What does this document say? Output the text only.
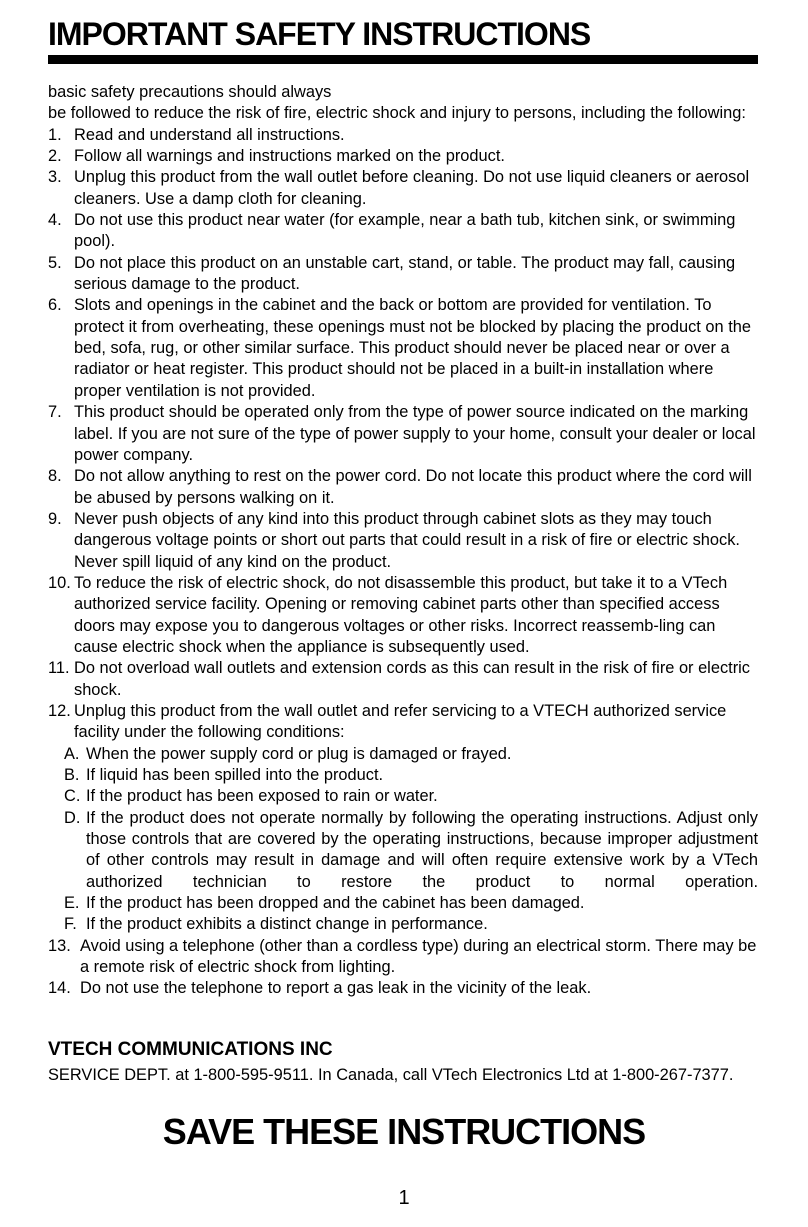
IMPORTANT SAFETY INSTRUCTIONS

basic safety precautions should always

be followed to reduce the risk of fire, electric shock and injury to persons, including the following:

1. Read and understand all instructions.
2. Follow all warnings and instructions marked on the product.
3. Unplug this product from the wall outlet before cleaning. Do not use liquid cleaners or aerosol cleaners. Use a damp cloth for cleaning.
4. Do not use this product near water (for example, near a bath tub, kitchen sink, or swimming pool).
5. Do not place this product on an unstable cart, stand, or table. The product may fall, causing serious damage to the product.
6. Slots and openings in the cabinet and the back or bottom are provided for ventilation. To protect it from overheating, these openings must not be blocked by placing the product on the bed, sofa, rug, or other similar surface. This product should never be placed near or over a radiator or heat register. This product should not be placed in a built-in installation where proper ventilation is not provided.
7. This product should be operated only from the type of power source indicated on the marking label. If you are not sure of the type of power supply to your home, consult your dealer or local power company.
8. Do not allow anything to rest on the power cord. Do not locate this product where the cord will be abused by persons walking on it.
9. Never push objects of any kind into this product through cabinet slots as they may touch dangerous voltage points or short out parts that could result in a risk of fire or electric shock. Never spill liquid of any kind on the product.
10. To reduce the risk of electric shock, do not disassemble this product, but take it to a VTech authorized service facility. Opening or removing cabinet parts other than specified access doors may expose you to dangerous voltages or other risks. Incorrect reassemb-ling can cause electric shock when the appliance is subsequently used.
11. Do not overload wall outlets and extension cords as this can result in the risk of fire or electric shock.
12. Unplug this product from the wall outlet and refer servicing to a VTECH authorized service facility under the following conditions:
A. When the power supply cord or plug is damaged or frayed.
B. If liquid has been spilled into the product.
C. If the product has been exposed to rain or water.
D. If the product does not operate normally by following the operating instructions. Adjust only those controls that are covered by the operating instructions, because improper adjustment of other controls may result in damage and will often require extensive work by a VTech authorized technician to restore the product to normal operation.
E. If the product has been dropped and the cabinet has been damaged.
F. If the product exhibits a distinct change in performance.
13. Avoid using a telephone (other than a cordless type) during an electrical storm. There may be a remote risk of electric shock from lighting.
14. Do not use the telephone to report a gas leak in the vicinity of the leak.
VTECH COMMUNICATIONS INC

SERVICE DEPT. at 1-800-595-9511. In Canada, call VTech Electronics Ltd at 1-800-267-7377.

SAVE THESE INSTRUCTIONS

1
